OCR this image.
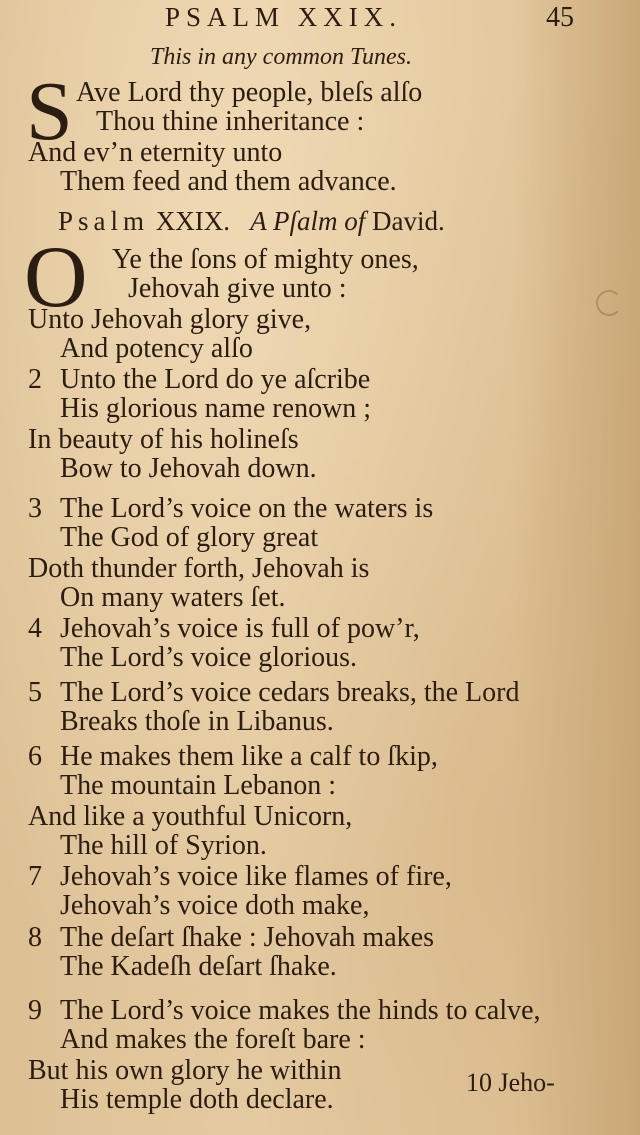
PSALM XXIX.	45
This in any common Tunes.
S Ave Lord thy people, bleſs alſo
Thou thine inheritance :
And ev’n eternity unto
Them feed and them advance.
Psalm XXIX. A Pſalm of David.
O Ye the ſons of mighty ones,
Jehovah give unto :
Unto Jehovah glory give,
And potency alſo
2 Unto the Lord do ye aſcribe
His glorious name renown ;
In beauty of his holineſs
Bow to Jehovah down.
3 The Lord’s voice on the waters is
The God of glory great
Doth thunder forth, Jehovah is
On many waters ſet.
4 Jehovah’s voice is full of pow’r,
The Lord’s voice glorious.
5 The Lord’s voice cedars breaks, the Lord
Breaks thoſe in Libanus.
6 He makes them like a calf to ſkip,
The mountain Lebanon :
And like a youthful Unicorn,
The hill of Syrion.
7 Jehovah’s voice like flames of fire,
Jehovah’s voice doth make,
8 The deſart ſhake : Jehovah makes
The Kadeſh deſart ſhake.
9 The Lord’s voice makes the hinds to calve,
And makes the foreſt bare :
But his own glory he within
His temple doth declare.
10 Jeho-
